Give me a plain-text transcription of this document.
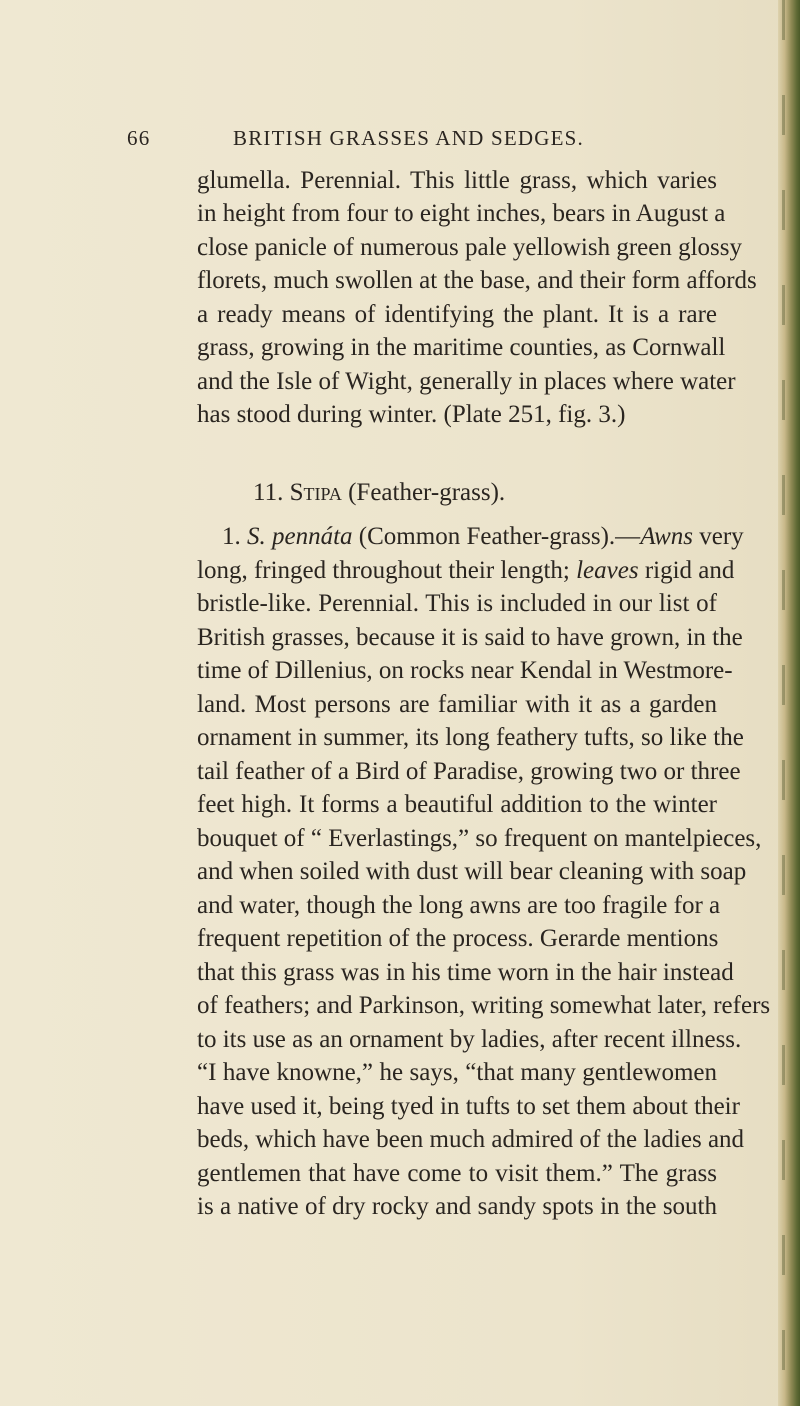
66	BRITISH GRASSES AND SEDGES.
glumella. Perennial. This little grass, which varies
in height from four to eight inches, bears in August a
close panicle of numerous pale yellowish green glossy
florets, much swollen at the base, and their form affords
a ready means of identifying the plant. It is a rare
grass, growing in the maritime counties, as Cornwall
and the Isle of Wight, generally in places where water
has stood during winter. (Plate 251, fig. 3.)
11. Stipa (Feather-grass).
1. S. pennáta (Common Feather-grass).—Awns very
long, fringed throughout their length; leaves rigid and
bristle-like. Perennial. This is included in our list of
British grasses, because it is said to have grown, in the
time of Dillenius, on rocks near Kendal in Westmore-
land. Most persons are familiar with it as a garden
ornament in summer, its long feathery tufts, so like the
tail feather of a Bird of Paradise, growing two or three
feet high. It forms a beautiful addition to the winter
bouquet of “ Everlastings,” so frequent on mantelpieces,
and when soiled with dust will bear cleaning with soap
and water, though the long awns are too fragile for a
frequent repetition of the process. Gerarde mentions
that this grass was in his time worn in the hair instead
of feathers; and Parkinson, writing somewhat later, refers
to its use as an ornament by ladies, after recent illness.
“I have knowne,” he says, “that many gentlewomen
have used it, being tyed in tufts to set them about their
beds, which have been much admired of the ladies and
gentlemen that have come to visit them.” The grass
is a native of dry rocky and sandy spots in the south
